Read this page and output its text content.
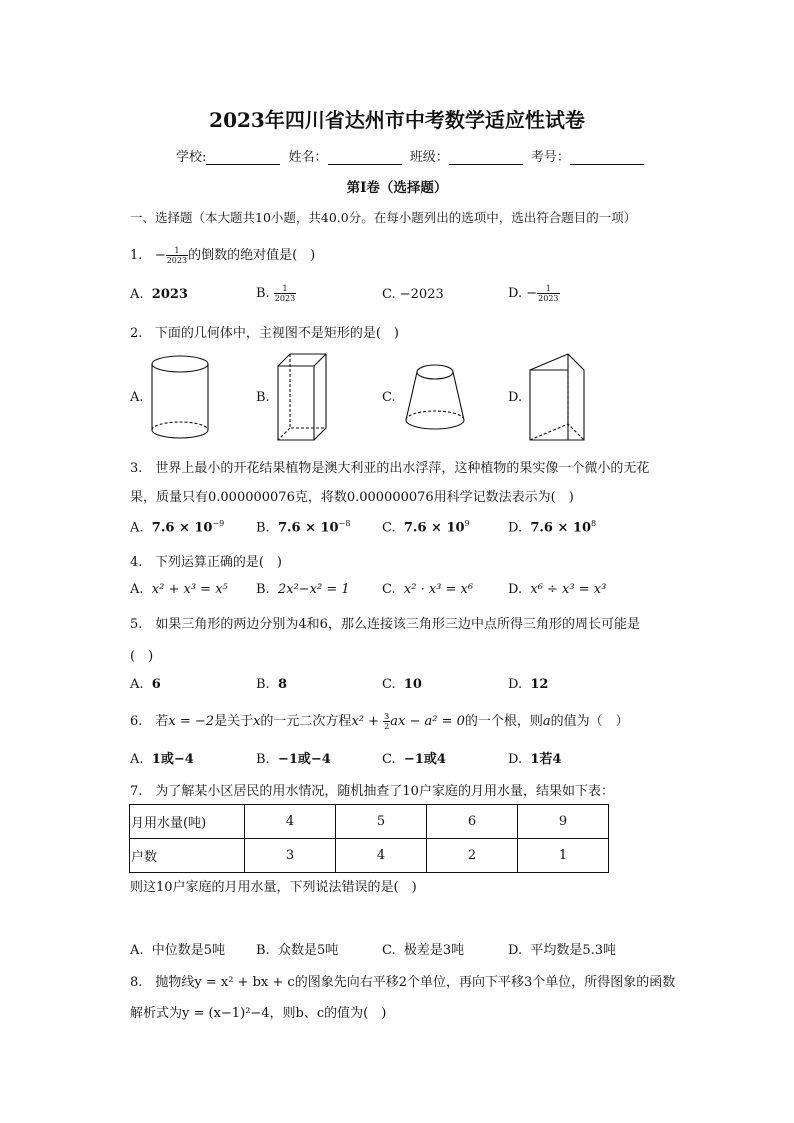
2023年四川省达州市中考数学适应性试卷
学校:	姓名：	班级：	考号：
第Ⅰ卷（选择题）
一、选择题（本大题共10小题，共40.0分。在每小题列出的选项中，选出符合题目的一项）
1. − $\frac{1}{2023}$ 的倒数的绝对值是(　)
A. 2023	B. $\frac{1}{2023}$	C. −2023	D. − $\frac{1}{2023}$
2. 下面的几何体中，主视图不是矩形的是(　)
A.	B.	C.	D.
3.　世界上最小的开花结果植物是澳大利亚的出水浮萍，这种植物的果实像一个微小的无花
果，质量只有0.000000076克，将数0.000000076用科学记数法表示为(　)
A. $7.6 \times 10^{-9}$ B. $7.6 \times 10^{-8}$ C. $7.6 \times 10^9$	D. $7.6 \times 10^8$
4. 下列运算正确的是(　)
A. x² + x³ = x⁵ B. 2x²−x² = 1 C. x² · x³ = x⁶	D. x⁶ ÷ x³ = x³
5.　如果三角形的两边分别为4和6，那么连接该三角形三边中点所得三角形的周长可能是
(　)
A. 6	B. 8	C. 10	D. 12
6.　若x = −2是关于x的一元二次方程$x^2 + \frac{3}{2}$ ax − a² = 0的一个根，则a的值为（　）
A. 1或−4	B. −1或−4	C. −1或4	D. 1若4
7.　为了解某小区居民的用水情况，随机抽查了10户家庭的月用水量，结果如下表：
月用水量(吨)	4	5	6	9
户数	3	4	2	1
则这10户家庭的月用水量，下列说法错误的是(　)
A. 中位数是5吨 B. 众数是5吨	C. 极差是3吨	D. 平均数是5.3吨
8.　抛物线y = x² + bx + c的图象先向右平移2个单位，再向下平移3个单位，所得图象的函数
解析式为y = (x−1)²−4，则b、c的值为(　)
